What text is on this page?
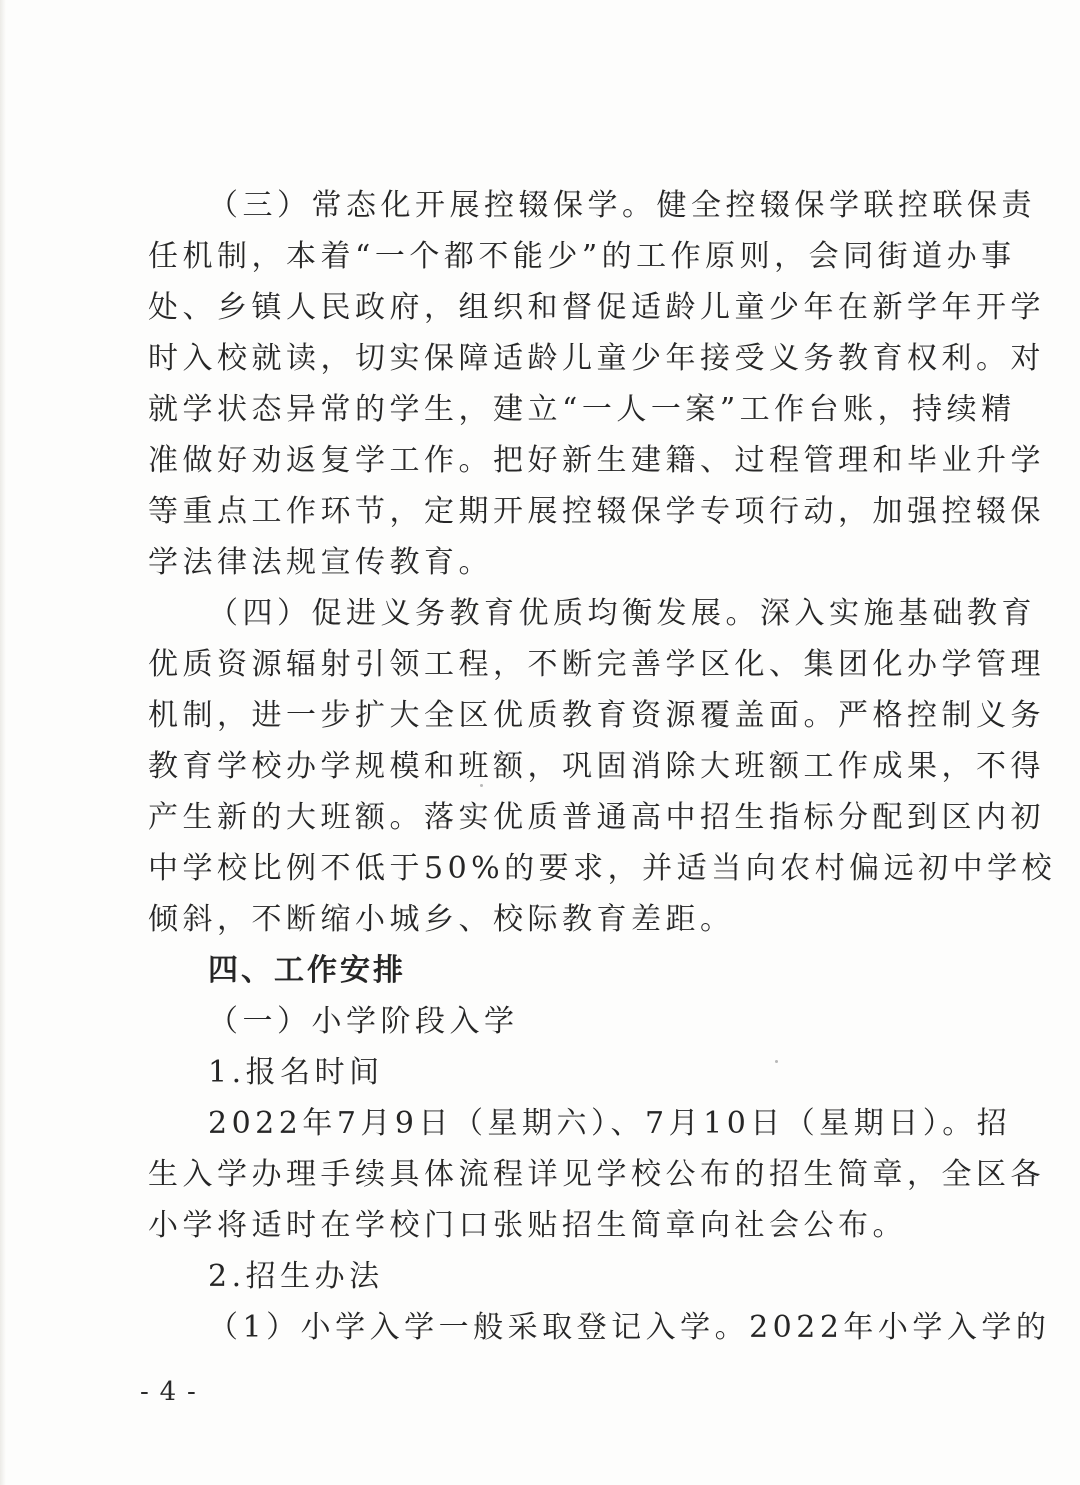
（三）常态化开展控辍保学。健全控辍保学联控联保责
任机制，本着“一个都不能少”的工作原则，会同街道办事
处、乡镇人民政府，组织和督促适龄儿童少年在新学年开学
时入校就读，切实保障适龄儿童少年接受义务教育权利。对
就学状态异常的学生，建立“一人一案”工作台账，持续精
准做好劝返复学工作。把好新生建籍、过程管理和毕业升学
等重点工作环节，定期开展控辍保学专项行动，加强控辍保
学法律法规宣传教育。
（四）促进义务教育优质均衡发展。深入实施基础教育
优质资源辐射引领工程，不断完善学区化、集团化办学管理
机制，进一步扩大全区优质教育资源覆盖面。严格控制义务
教育学校办学规模和班额，巩固消除大班额工作成果，不得
产生新的大班额。落实优质普通高中招生指标分配到区内初
中学校比例不低于50%的要求，并适当向农村偏远初中学校
倾斜，不断缩小城乡、校际教育差距。
四、工作安排
（一）小学阶段入学
1.报名时间
2022年7月9日（星期六）、7月10日（星期日）。招
生入学办理手续具体流程详见学校公布的招生简章，全区各
小学将适时在学校门口张贴招生简章向社会公布。
2.招生办法
（1）小学入学一般采取登记入学。2022年小学入学的
- 4 -
